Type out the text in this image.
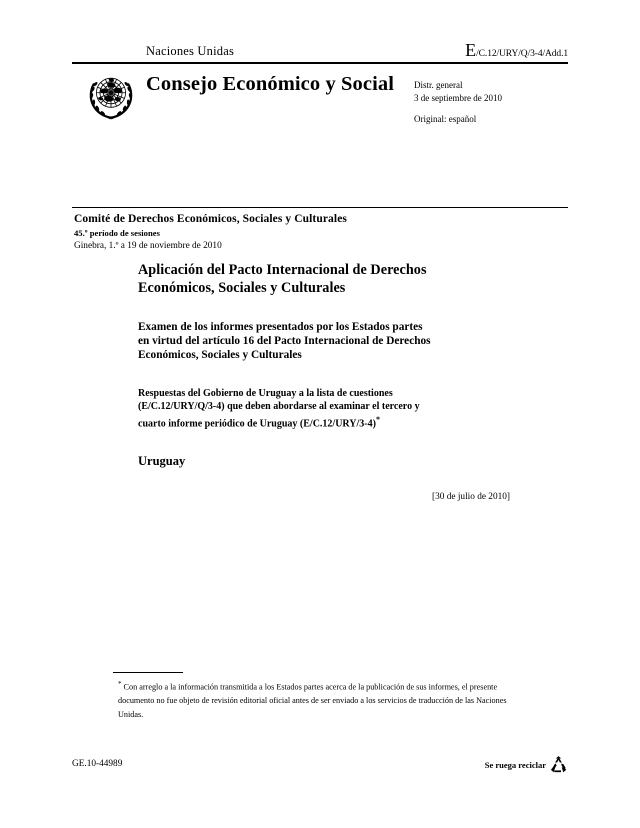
Naciones Unidas	E/C.12/URY/Q/3-4/Add.1
Consejo Económico y Social Distr. general
3 de septiembre de 2010
Original: español
Comité de Derechos Económicos, Sociales y Culturales
45.º período de sesiones
Ginebra, 1.º a 19 de noviembre de 2010
Aplicación del Pacto Internacional de Derechos
Económicos, Sociales y Culturales
Examen de los informes presentados por los Estados partes
en virtud del artículo 16 del Pacto Internacional de Derechos
Económicos, Sociales y Culturales
Respuestas del Gobierno de Uruguay a la lista de cuestiones
(E/C.12/URY/Q/3-4) que deben abordarse al examinar el tercero y
cuarto informe periódico de Uruguay (E/C.12/URY/3-4)*
Uruguay
[30 de julio de 2010]
* Con arreglo a la información transmitida a los Estados partes acerca de la publicación de sus informes, el presente documento no fue objeto de revisión editorial oficial antes de ser enviado a los servicios de traducción de las Naciones Unidas.
GE.10-44989	Se ruega reciclar
